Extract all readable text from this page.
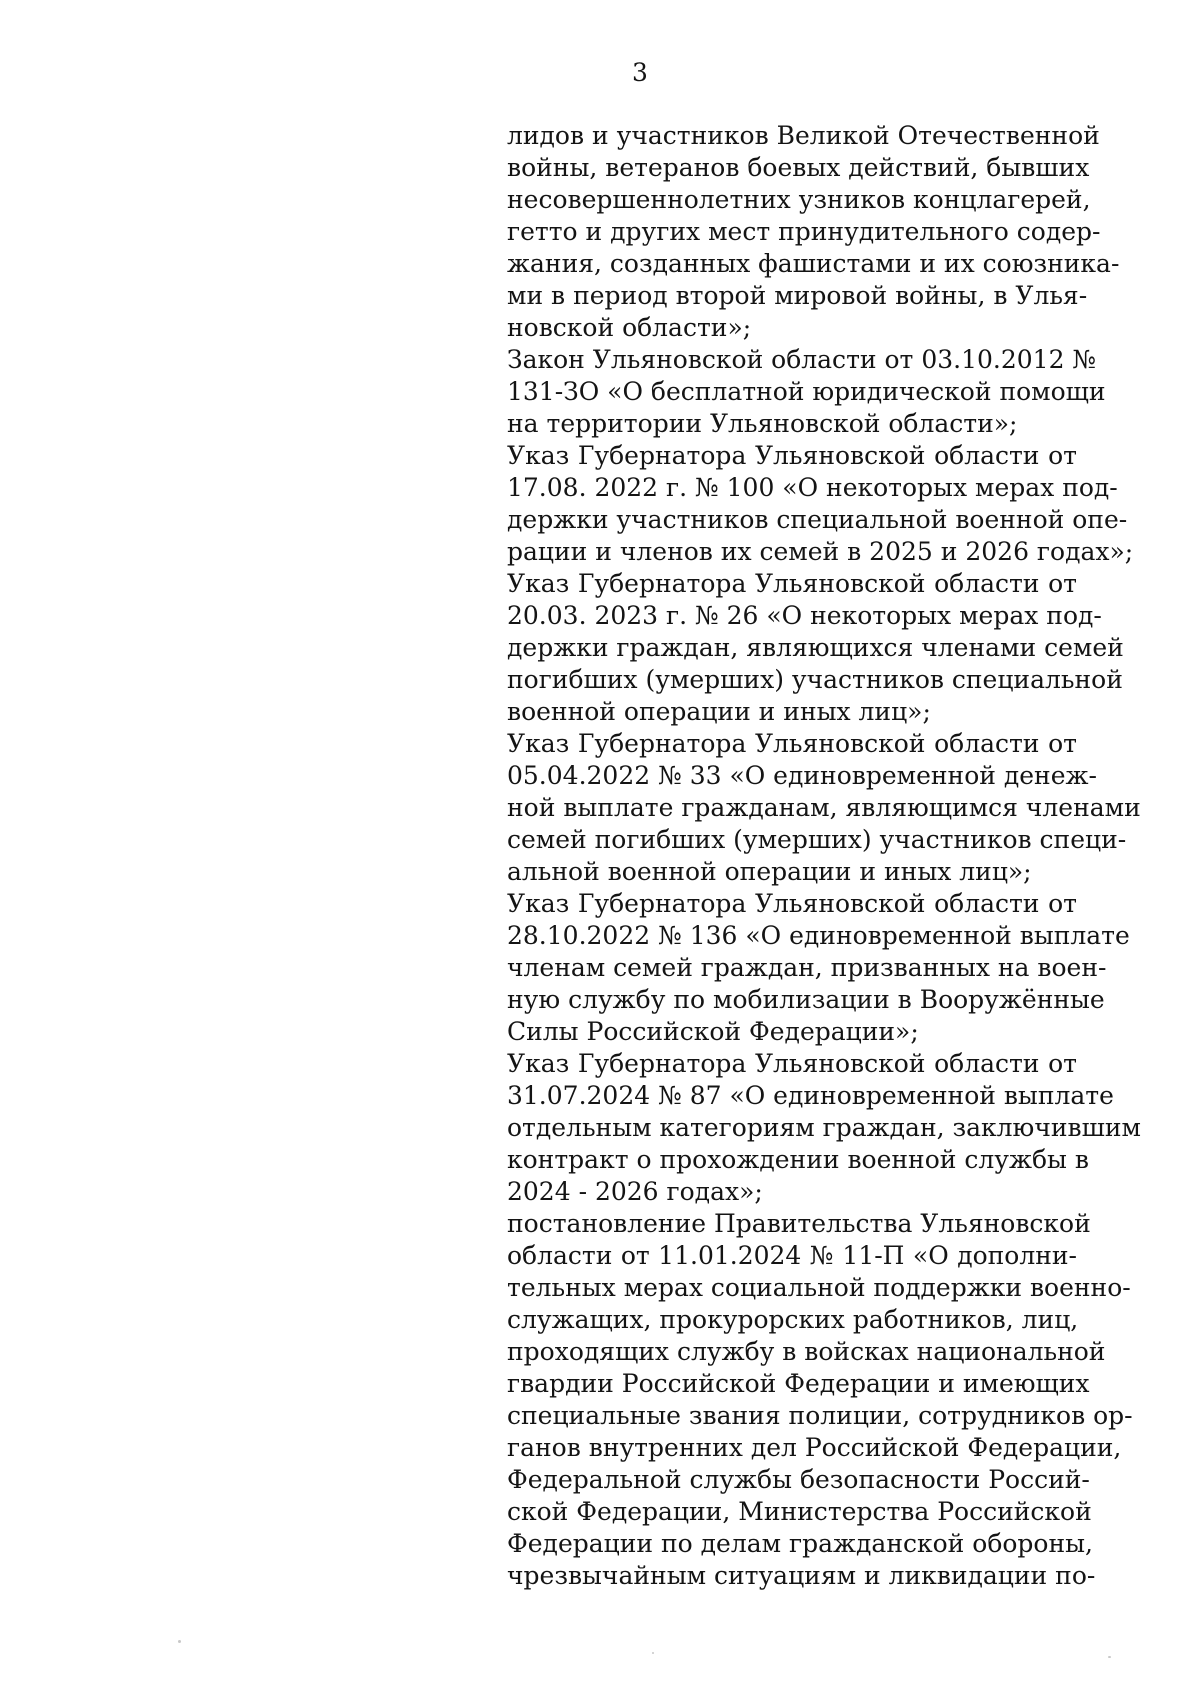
3
лидов и участников Великой Отечественной
войны, ветеранов боевых действий, бывших
несовершеннолетних узников концлагерей,
гетто и других мест принудительного содер-
жания, созданных фашистами и их союзника-
ми в период второй мировой войны, в Улья-
новской области»;
Закон Ульяновской области от 03.10.2012 №
131-ЗО «О бесплатной юридической помощи
на территории Ульяновской области»;
Указ Губернатора Ульяновской области от
17.08. 2022 г. № 100 «О некоторых мерах под-
держки участников специальной военной опе-
рации и членов их семей в 2025 и 2026 годах»;
Указ Губернатора Ульяновской области от
20.03. 2023 г. № 26 «О некоторых мерах под-
держки граждан, являющихся членами семей
погибших (умерших) участников специальной
военной операции и иных лиц»;
Указ Губернатора Ульяновской области от
05.04.2022 № 33 «О единовременной денеж-
ной выплате гражданам, являющимся членами
семей погибших (умерших) участников специ-
альной военной операции и иных лиц»;
Указ Губернатора Ульяновской области от
28.10.2022 № 136 «О единовременной выплате
членам семей граждан, призванных на воен-
ную службу по мобилизации в Вооружённые
Силы Российской Федерации»;
Указ Губернатора Ульяновской области от
31.07.2024 № 87 «О единовременной выплате
отдельным категориям граждан, заключившим
контракт о прохождении военной службы в
2024 - 2026 годах»;
постановление Правительства Ульяновской
области от 11.01.2024 № 11-П «О дополни-
тельных мерах социальной поддержки военно-
служащих, прокурорских работников, лиц,
проходящих службу в войсках национальной
гвардии Российской Федерации и имеющих
специальные звания полиции, сотрудников ор-
ганов внутренних дел Российской Федерации,
Федеральной службы безопасности Россий-
ской Федерации, Министерства Российской
Федерации по делам гражданской обороны,
чрезвычайным ситуациям и ликвидации по-
